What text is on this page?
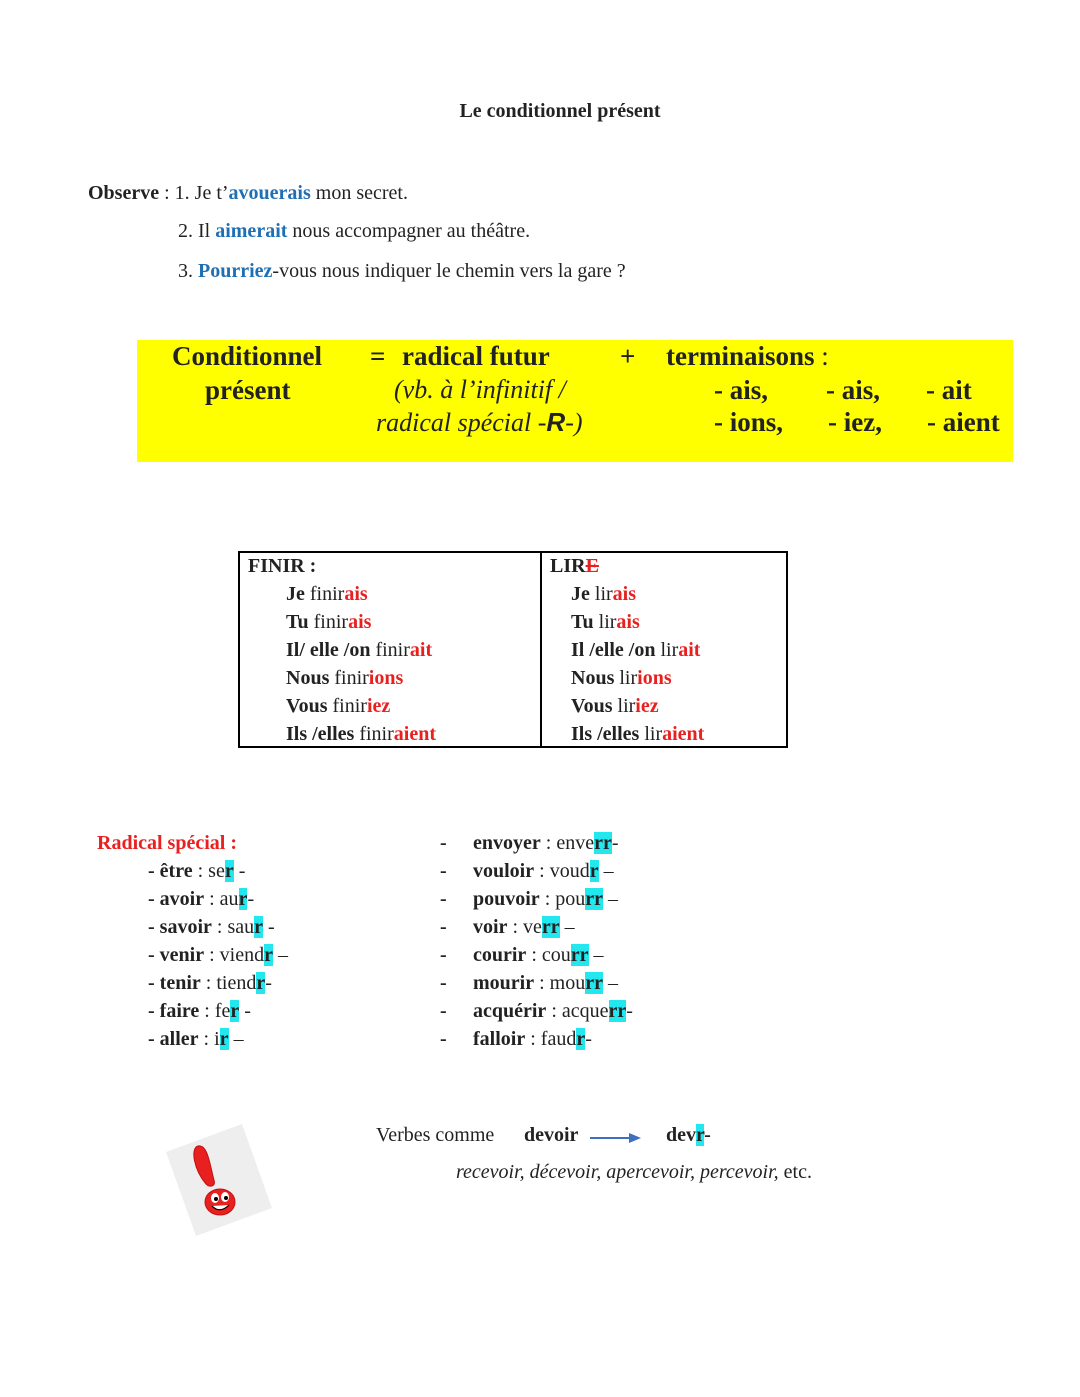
Le conditionnel présent
Observe : 1. Je t’avouerais mon secret.
2. Il aimerait nous accompagner au théâtre.
3. Pourriez-vous nous indiquer le chemin vers la gare ?
Conditionnel
présent
= radical futur
(vb. à l’infinitif /
radical spécial -R-)
+ terminaisons :
- ais, - ais, - ait
- ions, - iez, - aient
FINIR :
Je finirais
Tu finirais
Il/ elle /on finirait
Nous finirions
Vous finiriez
Ils /elles finiraient
LIRE
Je lirais
Tu lirais
Il /elle /on lirait
Nous lirions
Vous liriez
Ils /elles liraient
Radical spécial :
- être : ser -
- avoir : aur-
- savoir : saur -
- venir : viendr –
- tenir : tiendr-
- faire : fer -
- aller : ir –
- envoyer : enverr-
- vouloir : voudr –
- pouvoir : pourr –
- voir : verr –
- courir : courr –
- mourir : mourr –
- acquérir : acquerr-
- falloir : faudr-
Verbes comme devoir	devr-
recevoir, décevoir, apercevoir, percevoir, etc.
